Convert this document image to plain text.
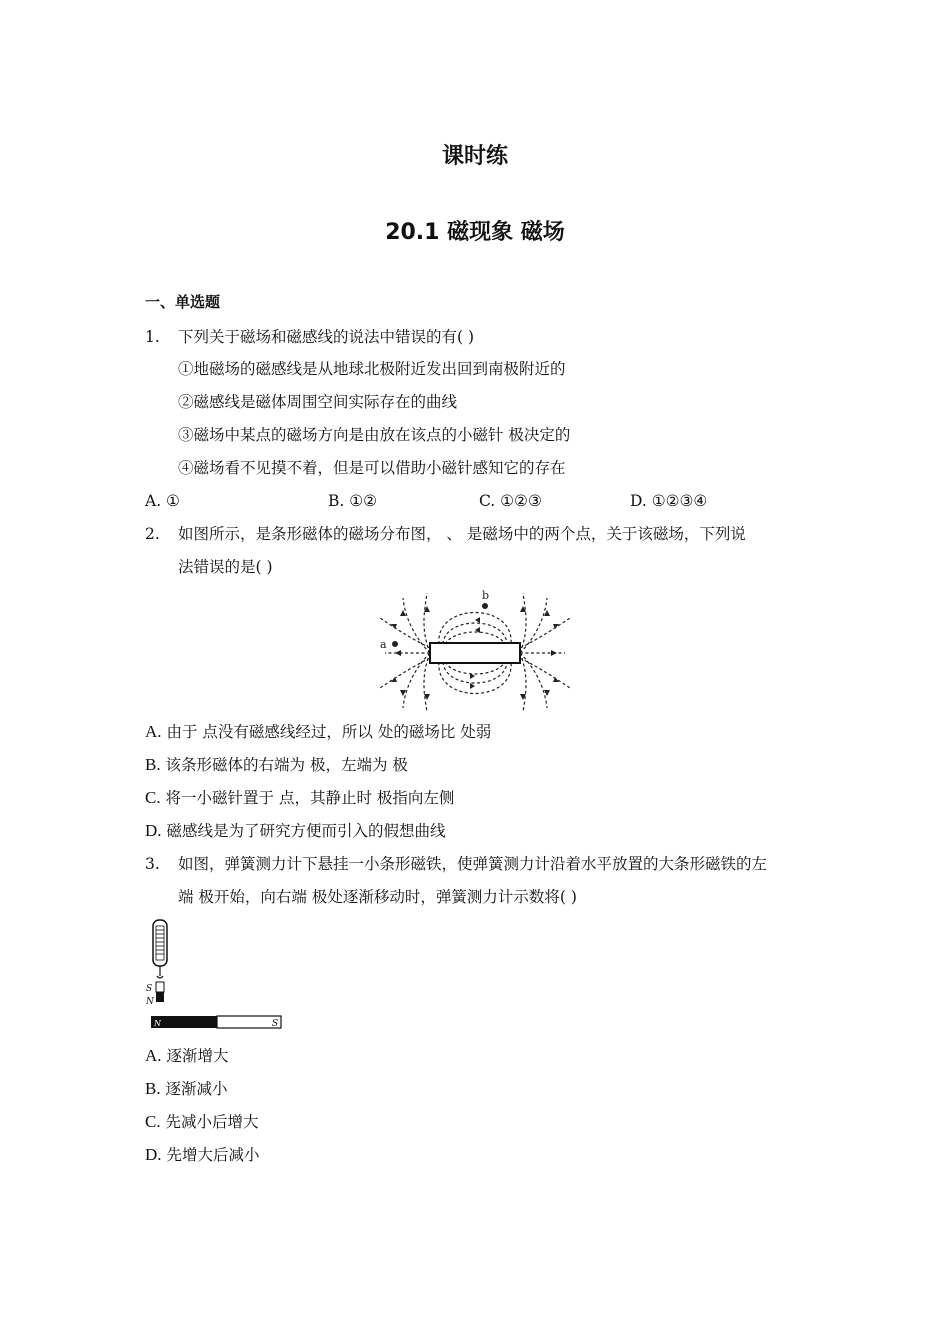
课时练
20.1 磁现象 磁场
一、单选题
1. 下列关于磁场和磁感线的说法中错误的有( )
①地磁场的磁感线是从地球北极附近发出回到南极附近的
②磁感线是磁体周围空间实际存在的曲线
③磁场中某点的磁场方向是由放在该点的小磁针 极决定的
④磁场看不见摸不着，但是可以借助小磁针感知它的存在
A. ①	B. ①②	C. ①②③	D. ①②③④
2. 如图所示，是条形磁体的磁场分布图， 、 是磁场中的两个点，关于该磁场，下列说
法错误的是( )
a
b
A. 由于 点没有磁感线经过，所以 处的磁场比 处弱
B. 该条形磁体的右端为 极，左端为 极
C. 将一小磁针置于 点，其静止时 极指向左侧
D. 磁感线是为了研究方便而引入的假想曲线
3. 如图，弹簧测力计下悬挂一小条形磁铁，使弹簧测力计沿着水平放置的大条形磁铁的左
端 极开始，向右端 极处逐渐移动时，弹簧测力计示数将( )
S
N
N	S
A. 逐渐增大
B. 逐渐减小
C. 先减小后增大
D. 先增大后减小
